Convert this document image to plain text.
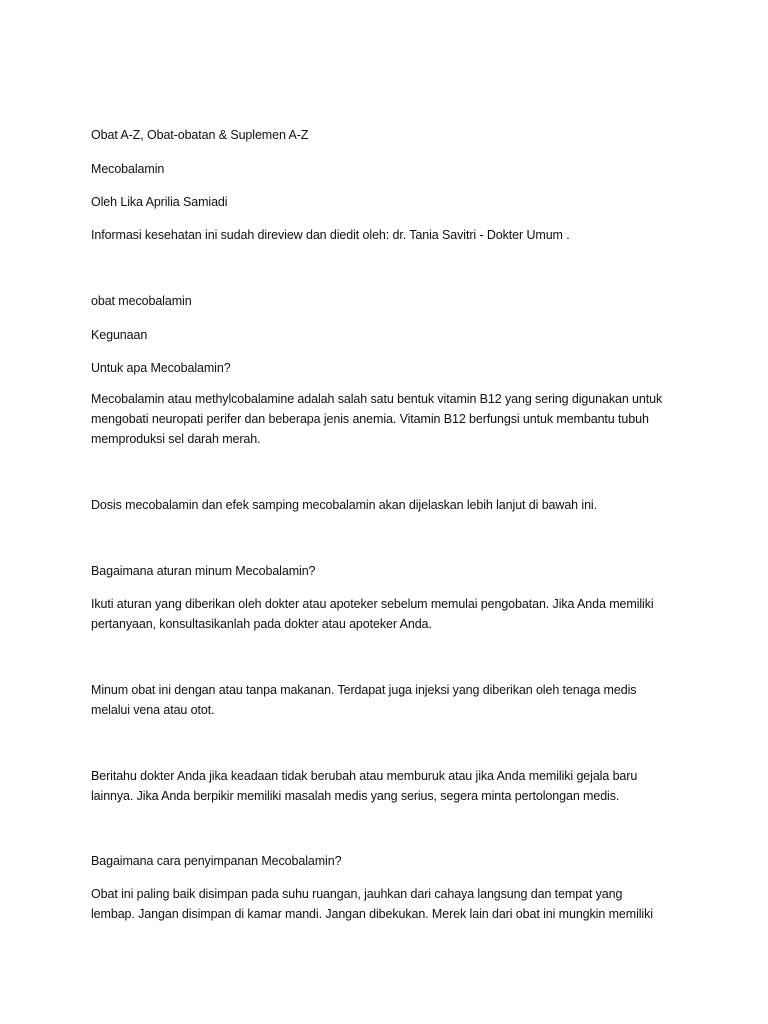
Obat A-Z, Obat-obatan & Suplemen A-Z
Mecobalamin
Oleh Lika Aprilia Samiadi
Informasi kesehatan ini sudah direview dan diedit oleh: dr. Tania Savitri - Dokter Umum .
obat mecobalamin
Kegunaan
Untuk apa Mecobalamin?
Mecobalamin atau methylcobalamine adalah salah satu bentuk vitamin B12 yang sering digunakan untuk
mengobati neuropati perifer dan beberapa jenis anemia. Vitamin B12 berfungsi untuk membantu tubuh
memproduksi sel darah merah.
Dosis mecobalamin dan efek samping mecobalamin akan dijelaskan lebih lanjut di bawah ini.
Bagaimana aturan minum Mecobalamin?
Ikuti aturan yang diberikan oleh dokter atau apoteker sebelum memulai pengobatan. Jika Anda memiliki
pertanyaan, konsultasikanlah pada dokter atau apoteker Anda.
Minum obat ini dengan atau tanpa makanan. Terdapat juga injeksi yang diberikan oleh tenaga medis
melalui vena atau otot.
Beritahu dokter Anda jika keadaan tidak berubah atau memburuk atau jika Anda memiliki gejala baru
lainnya. Jika Anda berpikir memiliki masalah medis yang serius, segera minta pertolongan medis.
Bagaimana cara penyimpanan Mecobalamin?
Obat ini paling baik disimpan pada suhu ruangan, jauhkan dari cahaya langsung dan tempat yang
lembap. Jangan disimpan di kamar mandi. Jangan dibekukan. Merek lain dari obat ini mungkin memiliki
